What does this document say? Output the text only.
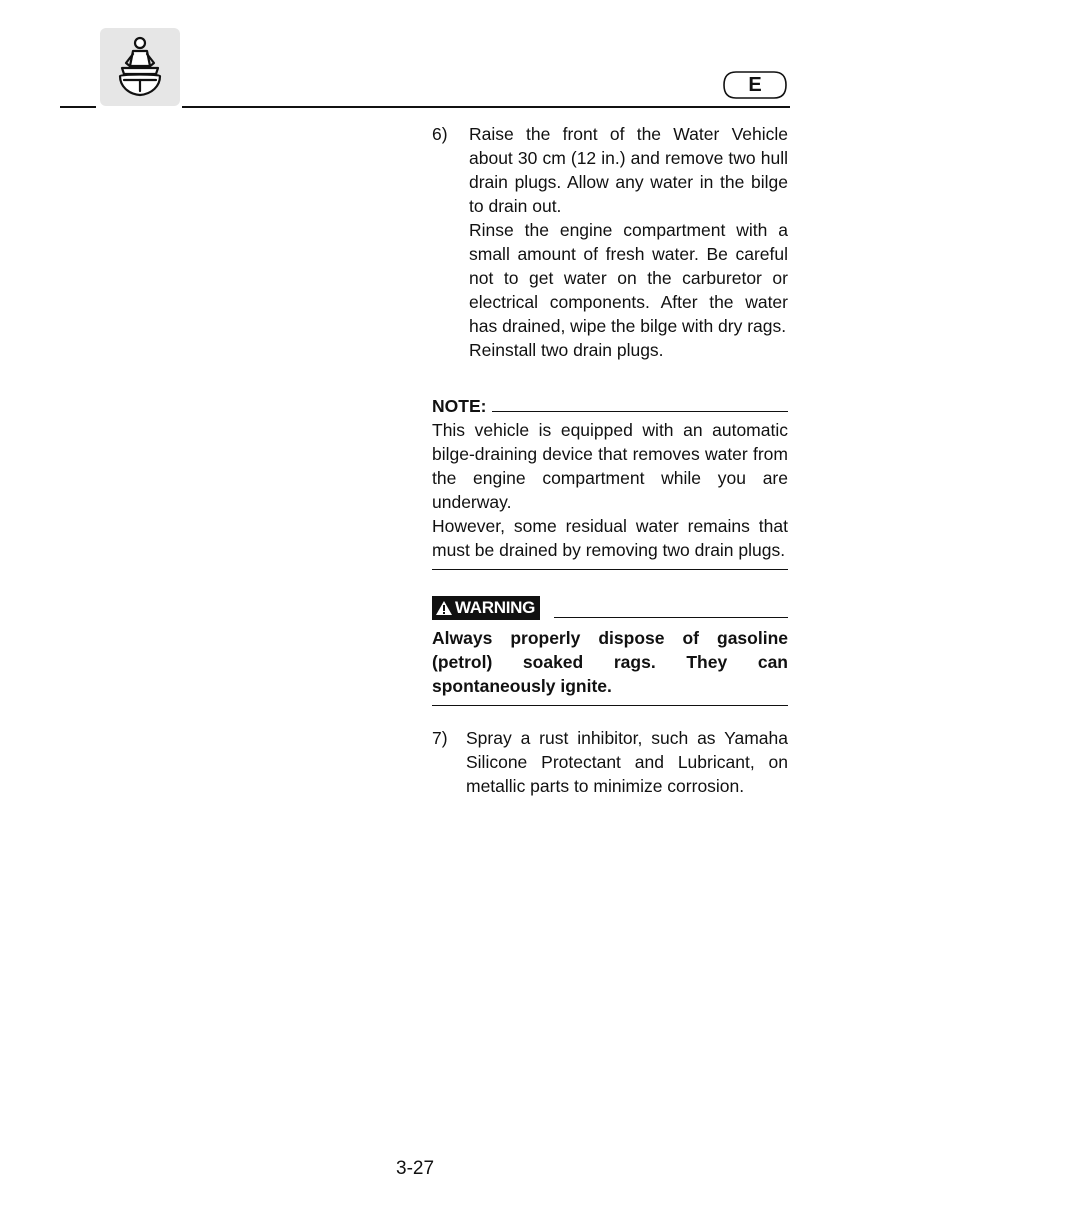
E
6)	Raise the front of the Water Vehicle about 30 cm (12 in.) and remove two hull drain plugs. Allow any water in the bilge to drain out.

Rinse the engine compartment with a small amount of fresh water. Be careful not to get water on the carburetor or electrical components. After the water has drained, wipe the bilge with dry rags.

Reinstall two drain plugs.

NOTE:

This vehicle is equipped with an automatic bilge-draining device that removes water from the engine compartment while you are underway.

However, some residual water remains that must be drained by removing two drain plugs.

WARNING

Always properly dispose of gasoline (petrol) soaked rags. They can spontaneously ignite.

7)	Spray a rust inhibitor, such as Yamaha Silicone Protectant and Lubricant, on metallic parts to minimize corrosion.

3-27
